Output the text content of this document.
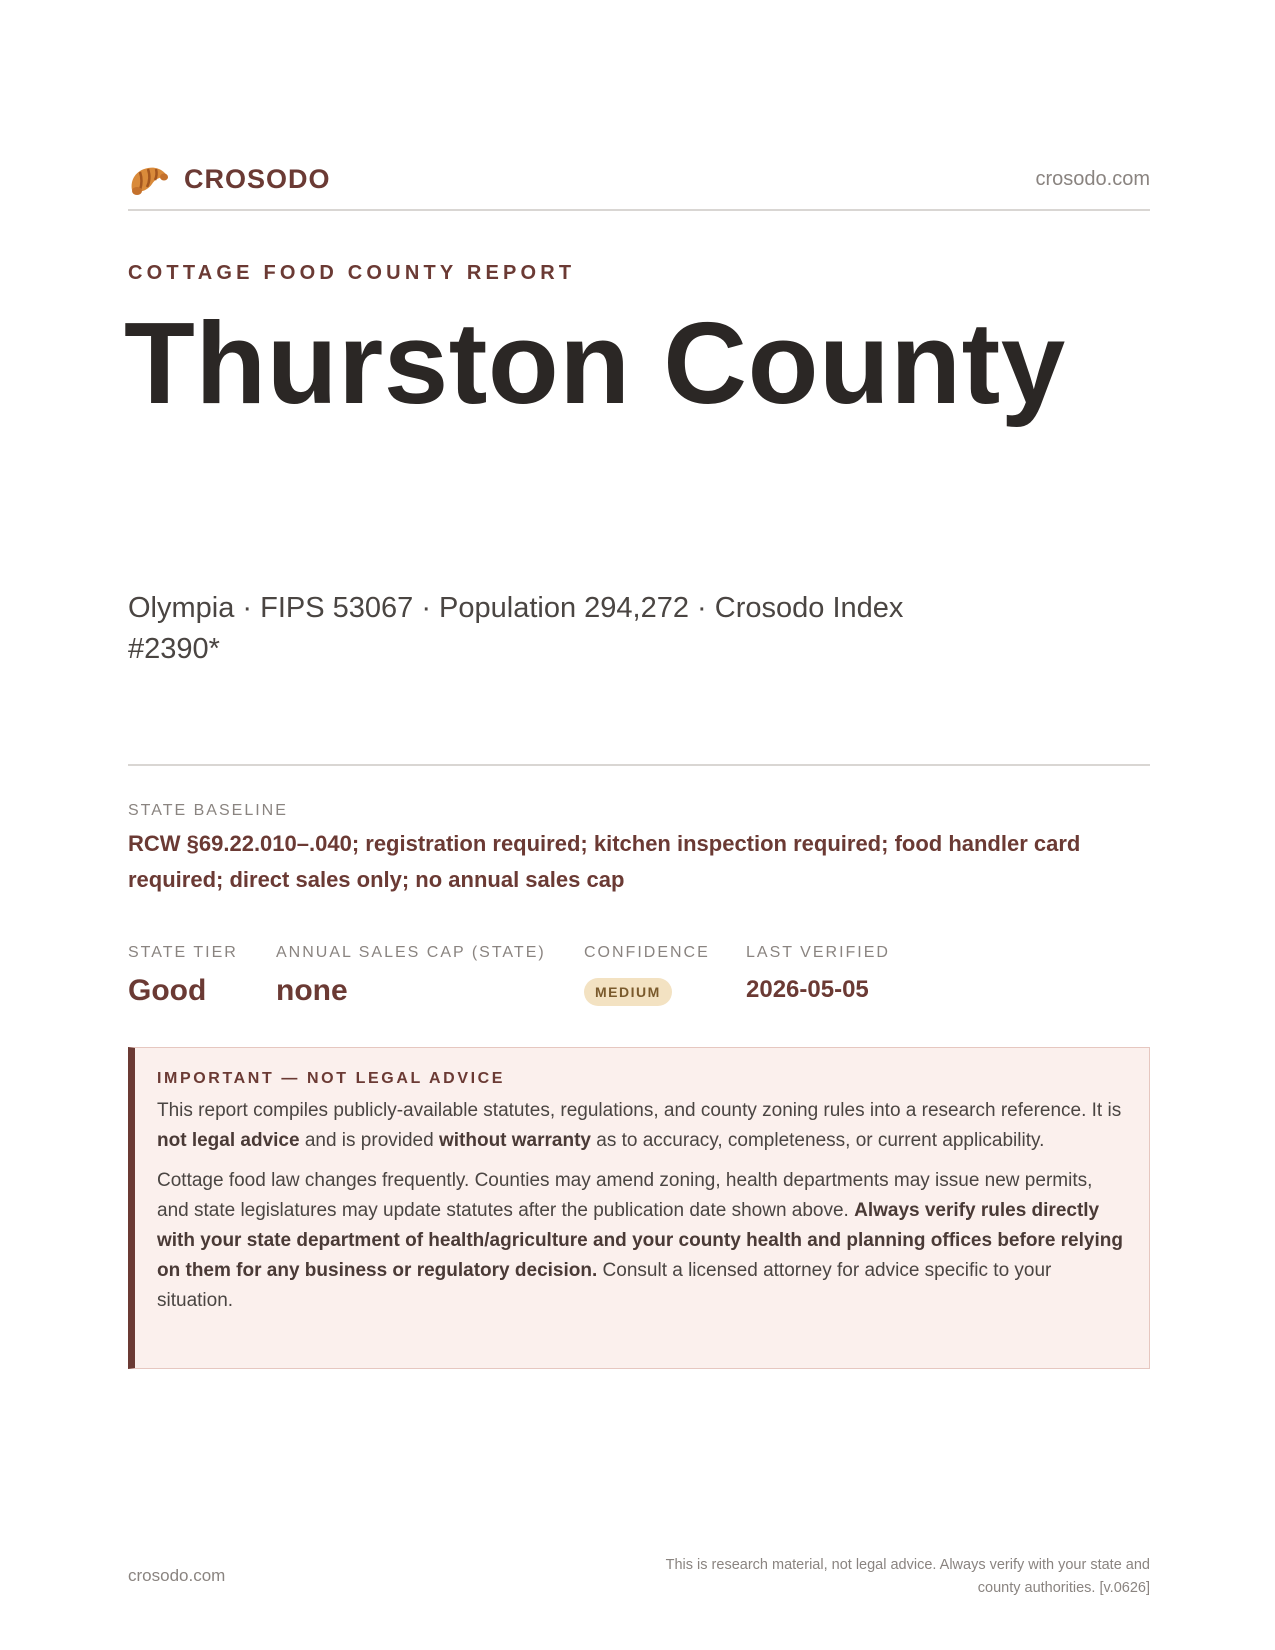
CROSODO	crosodo.com
COTTAGE FOOD COUNTY REPORT
Thurston County
Olympia · FIPS 53067 · Population 294,272 · Crosodo Index #2390*
STATE BASELINE
RCW §69.22.010–.040; registration required; kitchen inspection required; food handler card required; direct sales only; no annual sales cap
STATE TIER
Good
ANNUAL SALES CAP (STATE)
none
CONFIDENCE
MEDIUM
LAST VERIFIED
2026-05-05
IMPORTANT — NOT LEGAL ADVICE

This report compiles publicly-available statutes, regulations, and county zoning rules into a research reference. It is not legal advice and is provided without warranty as to accuracy, completeness, or current applicability.

Cottage food law changes frequently. Counties may amend zoning, health departments may issue new permits, and state legislatures may update statutes after the publication date shown above. Always verify rules directly with your state department of health/agriculture and your county health and planning offices before relying on them for any business or regulatory decision. Consult a licensed attorney for advice specific to your situation.

crosodo.com
This is research material, not legal advice. Always verify with your state and county authorities. [v.0626]
